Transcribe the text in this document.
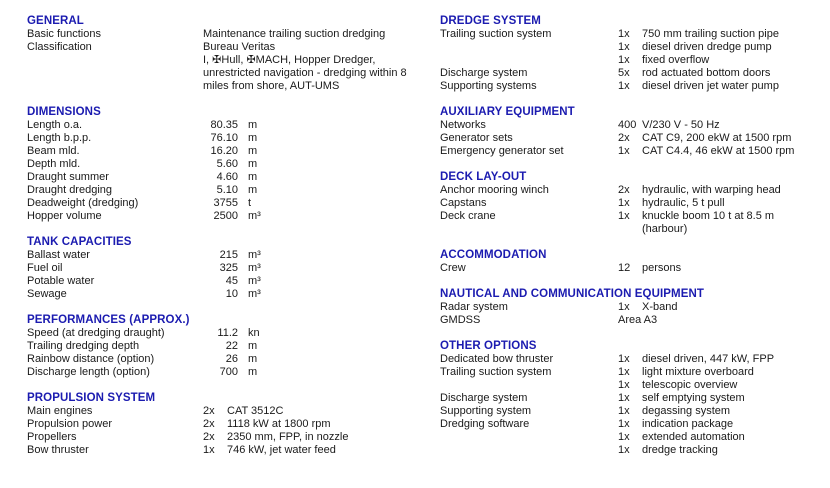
GENERAL
Basic functions	Maintenance trailing suction dredging
Classification	Bureau Veritas
I, ✠Hull, ✠MACH, Hopper Dredger,
unrestricted navigation - dredging within 8
miles from shore, AUT-UMS
DIMENSIONS
Length o.a.	80.35 m
Length b.p.p.	76.10 m
Beam mld.	16.20 m
Depth mld.	5.60 m
Draught summer	4.60 m
Draught dredging	5.10 m
Deadweight (dredging)	3755 t
Hopper volume	2500 m³
TANK CAPACITIES
Ballast water	215 m³
Fuel oil	325 m³
Potable water	45 m³
Sewage	10 m³
PERFORMANCES (APPROX.)
Speed (at dredging draught)	11.2 kn
Trailing dredging depth	22 m
Rainbow distance (option)	26 m
Discharge length (option)	700 m
PROPULSION SYSTEM
Main engines	2x	CAT 3512C
Propulsion power	2x	1118 kW at 1800 rpm
Propellers	2x	2350 mm, FPP, in nozzle
Bow thruster	1x	746 kW, jet water feed
DREDGE SYSTEM
Trailing suction system	1x	750 mm trailing suction pipe
1x	diesel driven dredge pump
1x	fixed overflow
Discharge system	5x	rod actuated bottom doors
Supporting systems	1x	diesel driven jet water pump
AUXILIARY EQUIPMENT
Networks	400 V/230 V - 50 Hz
Generator sets	2x	CAT C9, 200 ekW at 1500 rpm
Emergency generator set	1x	CAT C4.4, 46 ekW at 1500 rpm
DECK LAY-OUT
Anchor mooring winch	2x	hydraulic, with warping head
Capstans	1x	hydraulic, 5 t pull
Deck crane	1x	knuckle boom 10 t at 8.5 m
(harbour)
ACCOMMODATION
Crew	12	persons
NAUTICAL AND COMMUNICATION EQUIPMENT
Radar system	1x	X-band
GMDSS	Area A3
OTHER OPTIONS
Dedicated bow thruster	1x	diesel driven, 447 kW, FPP
Trailing suction system	1x	light mixture overboard
1x	telescopic overview
Discharge system	1x	self emptying system
Supporting system	1x	degassing system
Dredging software	1x	indication package
1x	extended automation
1x	dredge tracking
